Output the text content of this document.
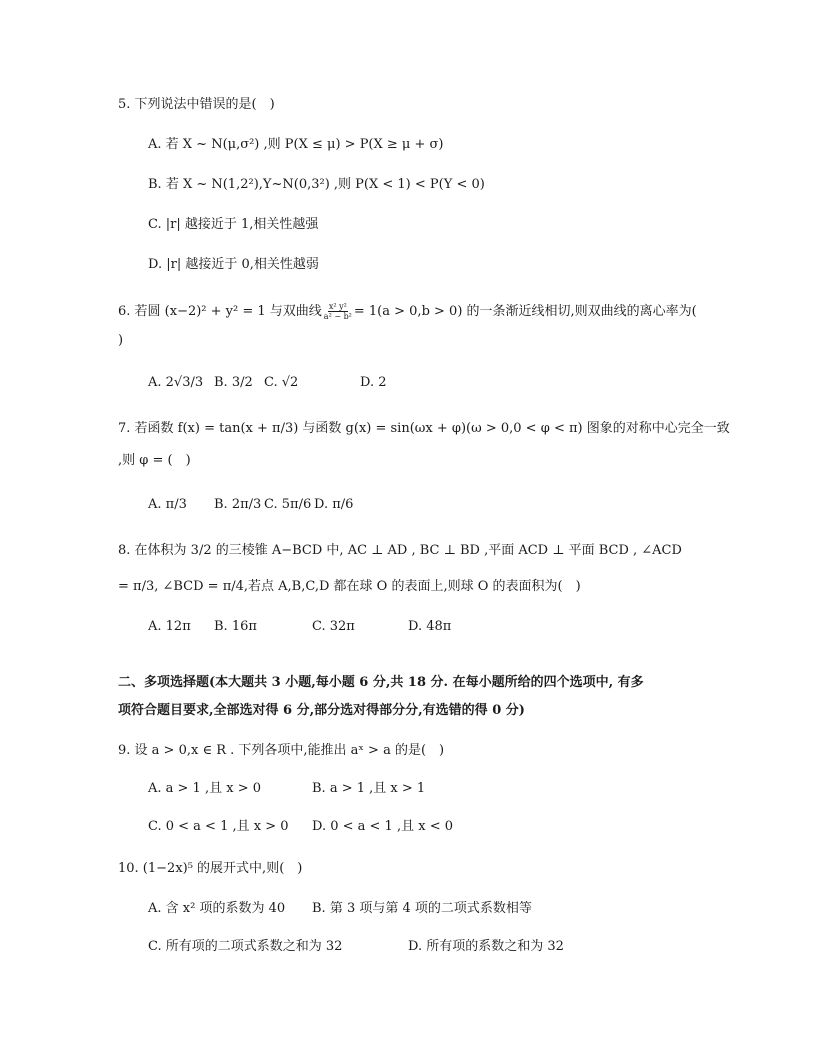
5. 下列说法中错误的是(　)
A. 若 X ~ N(μ,σ²) ,则 P(X ≤ μ) > P(X ≥ μ + σ)
B. 若 X ~ N(1,2²),Y~N(0,3²) ,则 P(X < 1) < P(Y < 0)
C. |r| 越接近于 1,相关性越强
D. |r| 越接近于 0,相关性越弱
6. 若圆 (x−2)² + y² = 1 与双曲线 $\frac{\text{x² y²}}{\text{a² − b²}} = 1(a > 0,b > 0)$ 的一条渐近线相切,则双曲线的离心率为(
)
A. 2√3/3 B. 3/2 C. √2	D. 2
7. 若函数 f(x) = tan(x + π/3) 与函数 g(x) = sin(ωx + φ)(ω > 0,0 < φ < π) 图象的对称中心完全一致
,则 φ = (　)
A. π/3 B. 2π/3 C. 5π/6 D. π/6
8. 在体积为 3/2 的三棱锥 A−BCD 中, AC ⊥ AD , BC ⊥ BD ,平面 ACD ⊥ 平面 BCD , ∠ACD
= π/3, ∠BCD = π/4,若点 A,B,C,D 都在球 O 的表面上,则球 O 的表面积为(　)
A. 12π B. 16π	C. 32π	D. 48π
二、多项选择题(本大题共 3 小题,每小题 6 分,共 18 分. 在每小题所给的四个选项中, 有多
项符合题目要求,全部选对得 6 分,部分选对得部分分,有选错的得 0 分)
9. 设 a > 0,x ∈ R . 下列各项中,能推出 aˣ > a 的是(　)
A. a > 1 ,且 x > 0	B. a > 1 ,且 x > 1
C. 0 < a < 1 ,且 x > 0 D. 0 < a < 1 ,且 x < 0
10. (1−2x)⁵ 的展开式中,则(　)
A. 含 x² 项的系数为 40 B. 第 3 项与第 4 项的二项式系数相等
C. 所有项的二项式系数之和为 32	D. 所有项的系数之和为 32
